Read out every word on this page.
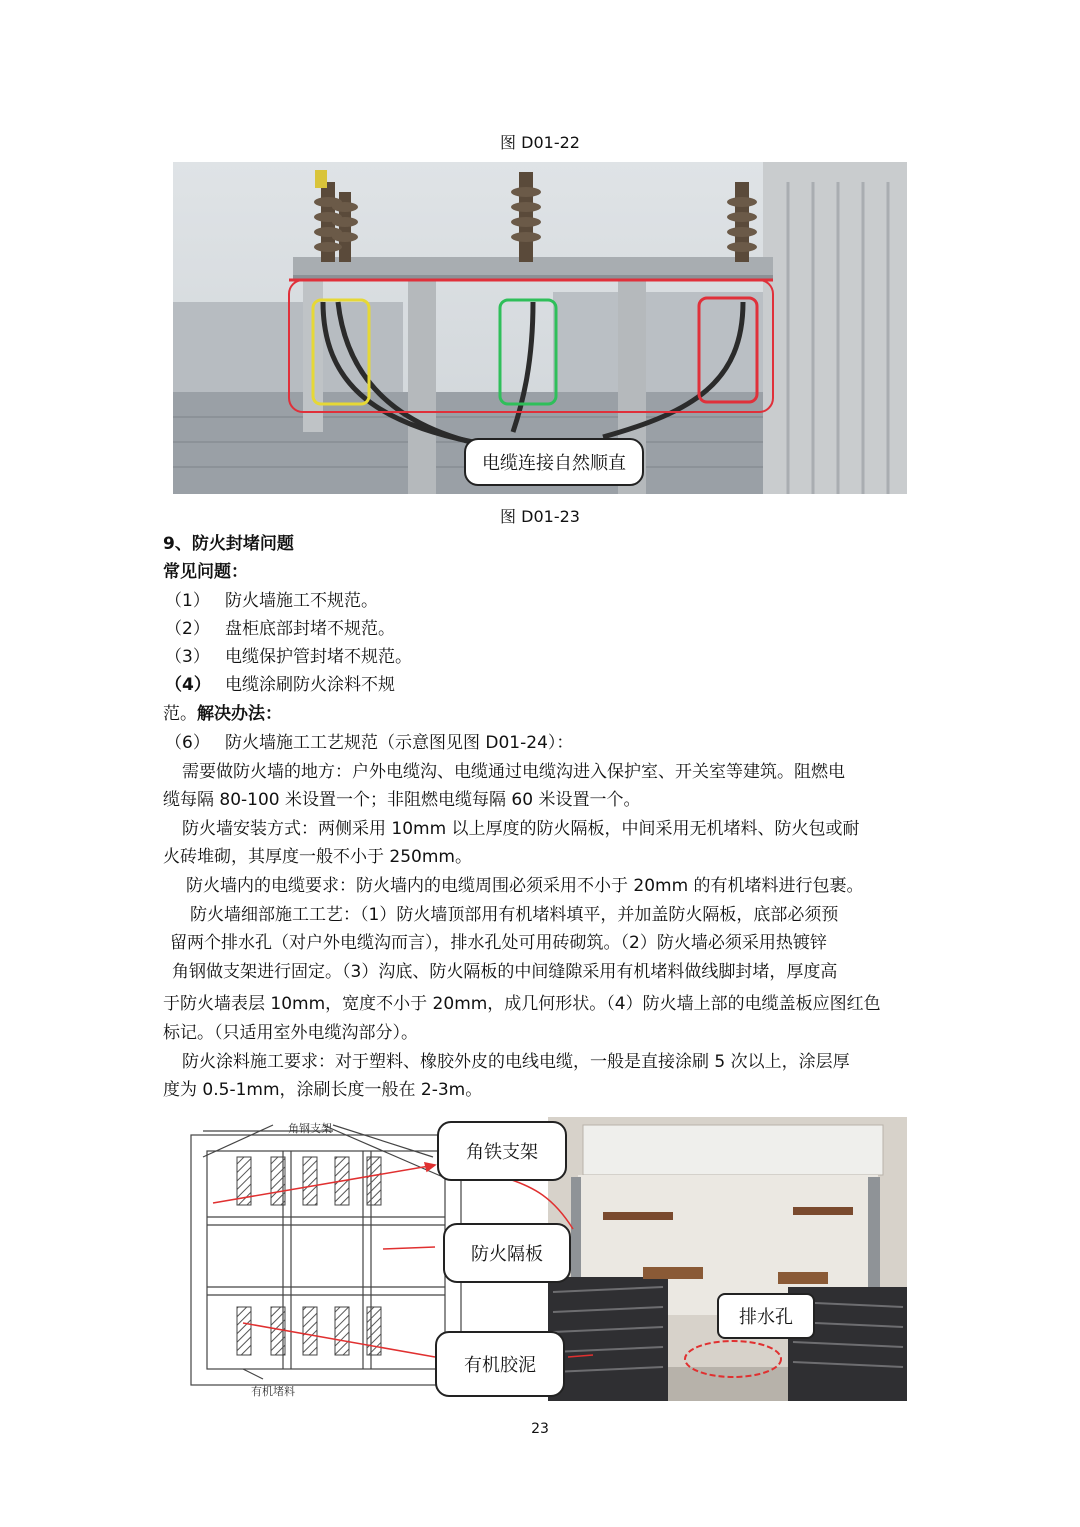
图 D01-22
电缆连接自然顺直
图 D01-23
9、防火封堵问题
常见问题：
（1） 防火墙施工不规范。
（2） 盘柜底部封堵不规范。
（3） 电缆保护管封堵不规范。
（4） 电缆涂刷防火涂料不规
范。解决办法：
（6） 防火墙施工工艺规范（示意图见图 D01-24）：
需要做防火墙的地方：户外电缆沟、电缆通过电缆沟进入保护室、开关室等建筑。阻燃电
缆每隔 80-100 米设置一个；非阻燃电缆每隔 60 米设置一个。
防火墙安装方式：两侧采用 10mm 以上厚度的防火隔板，中间采用无机堵料、防火包或耐
火砖堆砌，其厚度一般不小于 250mm。
防火墙内的电缆要求：防火墙内的电缆周围必须采用不小于 20mm 的有机堵料进行包裹。
防火墙细部施工工艺：（1）防火墙顶部用有机堵料填平，并加盖防火隔板，底部必须预
留两个排水孔（对户外电缆沟而言），排水孔处可用砖砌筑。（2）防火墙必须采用热镀锌
角钢做支架进行固定。（3）沟底、防火隔板的中间缝隙采用有机堵料做线脚封堵，厚度高
于防火墙表层 10mm，宽度不小于 20mm，成几何形状。（4）防火墙上部的电缆盖板应图红色
标记。（只适用室外电缆沟部分）。
防火涂料施工要求：对于塑料、橡胶外皮的电线电缆，一般是直接涂刷 5 次以上，涂层厚
度为 0.5-1mm，涂刷长度一般在 2-3m。
角钢支架
有机堵料
角铁支架
防火隔板
排水孔
有机胶泥
23
